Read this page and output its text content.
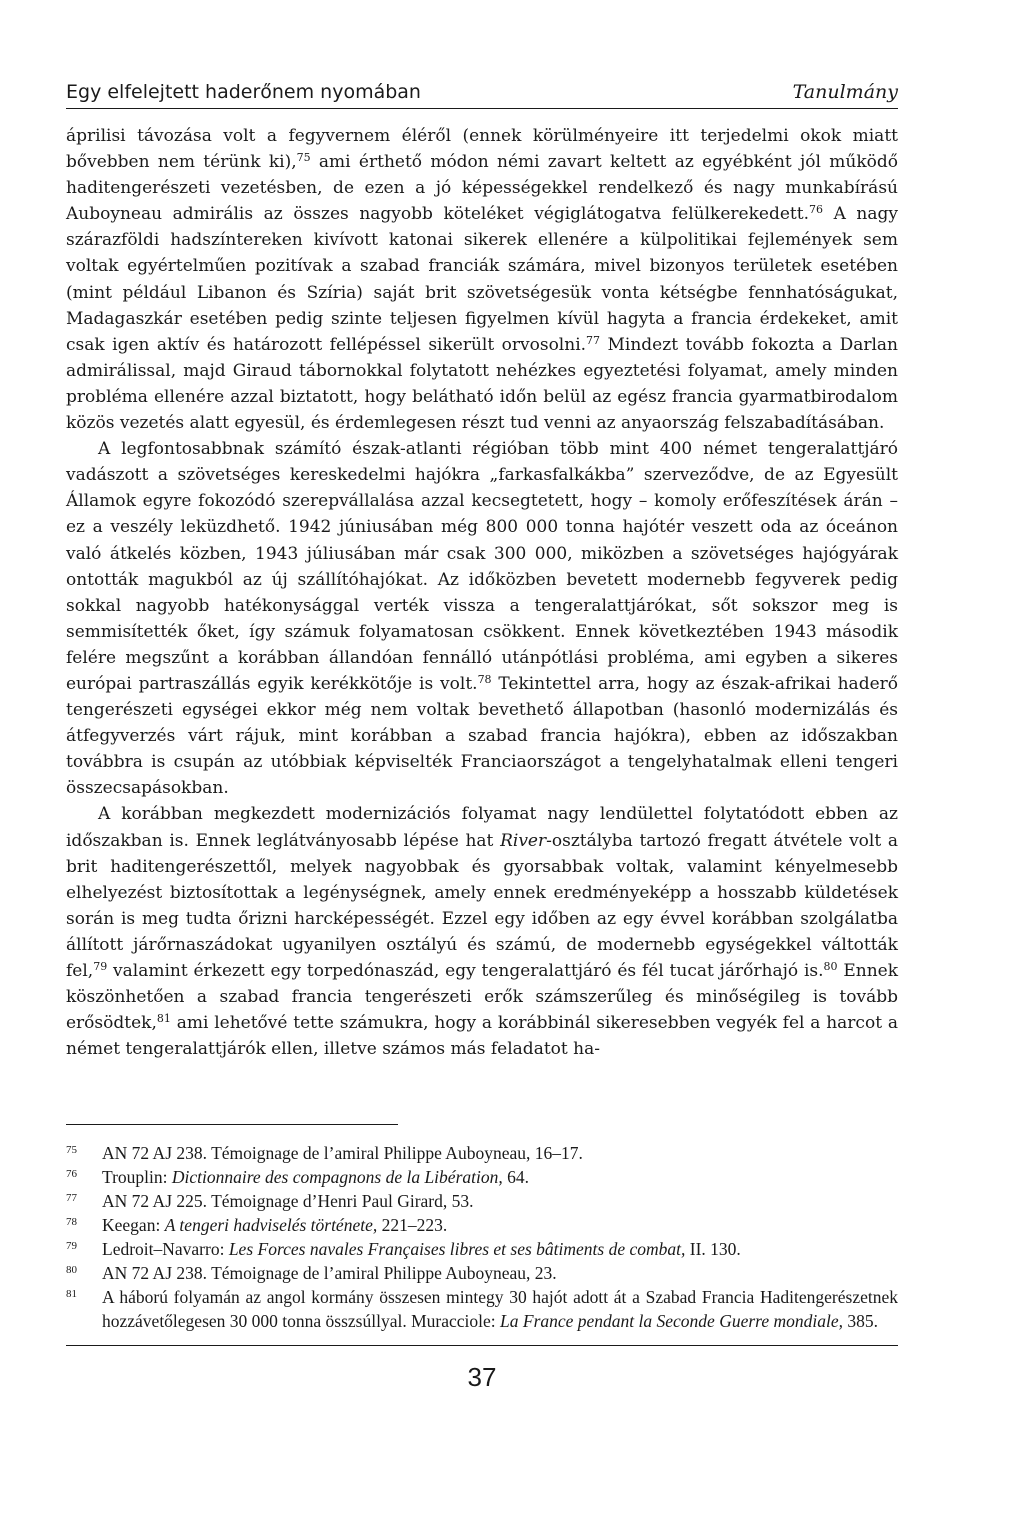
Egy elfelejtett haderőnem nyomában	Tanulmány

áprilisi távozása volt a fegyvernem éléről (ennek körülményeire itt terjedelmi okok miatt bővebben nem térünk ki),$^{75}$ ami érthető módon némi zavart keltett az egyébként jól működő haditengerészeti vezetésben, de ezen a jó képességekkel rendelkező és nagy munkabírású Auboyneau admirális az összes nagyobb köteléket végiglátogatva felülkerekedett.$^{76}$ A nagy szárazföldi hadszíntereken kivívott katonai sikerek ellenére a külpolitikai fejlemények sem voltak egyértelműen pozitívak a szabad franciák számára, mivel bizonyos területek esetében (mint például Libanon és Szíria) saját brit szövetségesük vonta kétségbe fennhatóságukat, Madagaszkár esetében pedig szinte teljesen figyelmen kívül hagyta a francia érdekeket, amit csak igen aktív és határozott fellépéssel sikerült orvosolni.$^{77}$ Mindezt tovább fokozta a Darlan admirálissal, majd Giraud tábornokkal folytatott nehézkes egyeztetési folyamat, amely minden probléma ellenére azzal biztatott, hogy belátható időn belül az egész francia gyarmatbirodalom közös vezetés alatt egyesül, és érdemlegesen részt tud venni az anyaország felszabadításában.

A legfontosabbnak számító észak-atlanti régióban több mint 400 német tengeralattjáró vadászott a szövetséges kereskedelmi hajókra „farkasfalkákba” szerveződve, de az Egyesült Államok egyre fokozódó szerepvállalása azzal kecsegtetett, hogy – komoly erőfeszítések árán – ez a veszély leküzdhető. 1942 júniusában még 800 000 tonna hajótér veszett oda az óceánon való átkelés közben, 1943 júliusában már csak 300 000, miközben a szövetséges hajógyárak ontották magukból az új szállítóhajókat. Az időközben bevetett modernebb fegyverek pedig sokkal nagyobb hatékonysággal verték vissza a tengeralattjárókat, sőt sokszor meg is semmisítették őket, így számuk folyamatosan csökkent. Ennek következtében 1943 második felére megszűnt a korábban állandóan fennálló utánpótlási probléma, ami egyben a sikeres európai partraszállás egyik kerékkötője is volt.$^{78}$ Tekintettel arra, hogy az észak-afrikai haderő tengerészeti egységei ekkor még nem voltak bevethető állapotban (hasonló modernizálás és átfegyverzés várt rájuk, mint korábban a szabad francia hajókra), ebben az időszakban továbbra is csupán az utóbbiak képviselték Franciaországot a tengelyhatalmak elleni tengeri összecsapásokban.

A korábban megkezdett modernizációs folyamat nagy lendülettel folytatódott ebben az időszakban is. Ennek leglátványosabb lépése hat River-osztályba tartozó fregatt átvétele volt a brit haditengerészettől, melyek nagyobbak és gyorsabbak voltak, valamint kényelmesebb elhelyezést biztosítottak a legénységnek, amely ennek eredményeképp a hosszabb küldetések során is meg tudta őrizni harcképességét. Ezzel egy időben az egy évvel korábban szolgálatba állított járőrnaszádokat ugyanilyen osztályú és számú, de modernebb egységekkel váltották fel,$^{79}$ valamint érkezett egy torpedónaszád, egy tengeralattjáró és fél tucat járőrhajó is.$^{80}$ Ennek köszönhetően a szabad francia tengerészeti erők számszerűleg és minőségileg is tovább erősödtek,$^{81}$ ami lehetővé tette számukra, hogy a korábbinál sikeresebben vegyék fel a harcot a német tengeralattjárók ellen, illetve számos más feladatot ha-

75	AN 72 AJ 238. Témoignage de l’amiral Philippe Auboyneau, 16–17.
76	Trouplin: Dictionnaire des compagnons de la Libération, 64.
77	AN 72 AJ 225. Témoignage d’Henri Paul Girard, 53.
78	Keegan: A tengeri hadviselés története, 221–223.
79	Ledroit–Navarro: Les Forces navales Françaises libres et ses bâtiments de combat, II. 130.
80	AN 72 AJ 238. Témoignage de l’amiral Philippe Auboyneau, 23.
81	A háború folyamán az angol kormány összesen mintegy 30 hajót adott át a Szabad Francia Haditengerészetnek hozzávetőlegesen 30 000 tonna összsúllyal. Muracciole: La France pendant la Seconde Guerre mondiale, 385.
37
